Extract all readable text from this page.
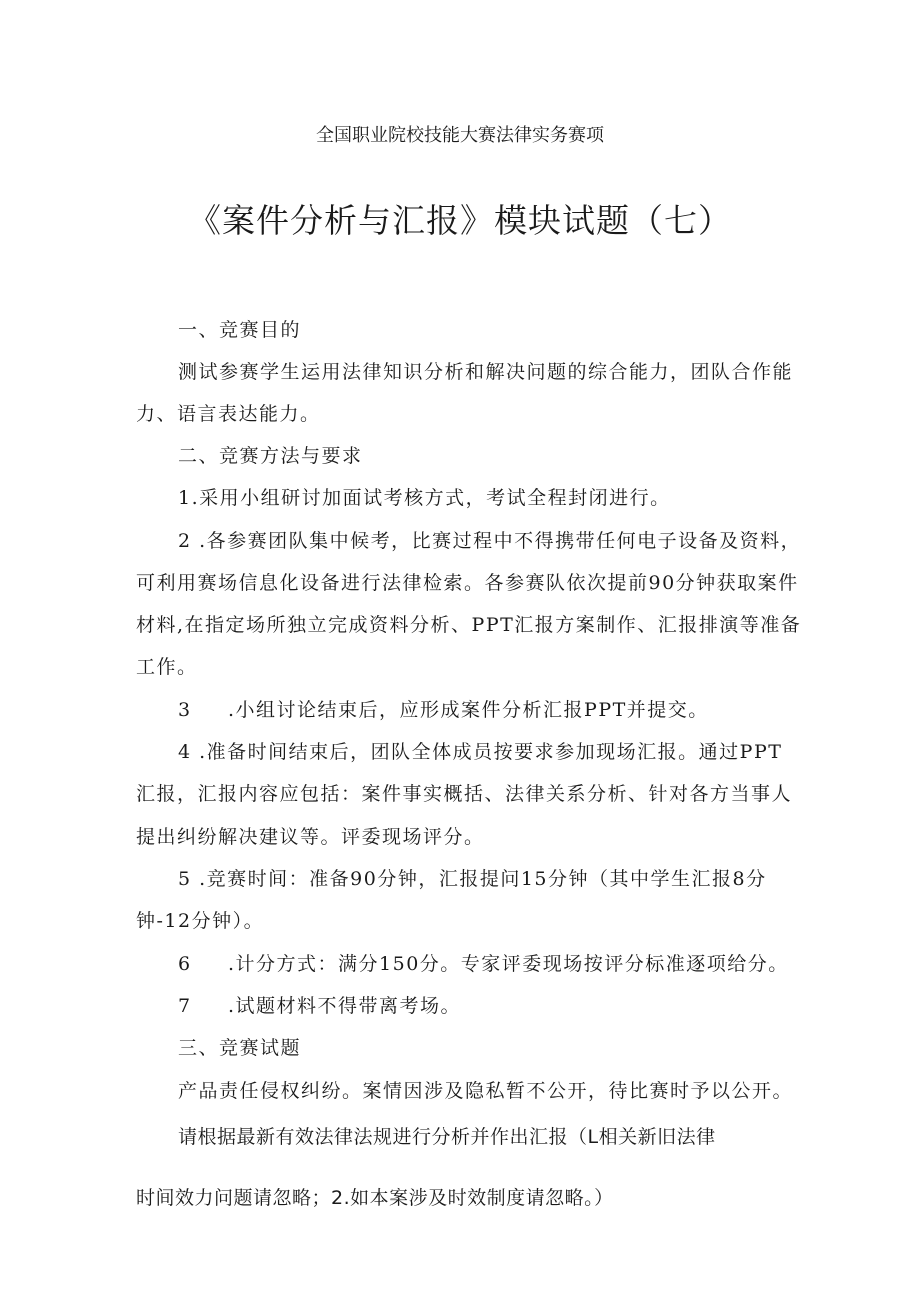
全国职业院校技能大赛法律实务赛项
《案件分析与汇报》模块试题（七）
一、竞赛目的
测试参赛学生运用法律知识分析和解决问题的综合能力，团队合作能
力、语言表达能力。
二、竞赛方法与要求
1.采用小组研讨加面试考核方式，考试全程封闭进行。
2 .各参赛团队集中候考，比赛过程中不得携带任何电子设备及资料，
可利用赛场信息化设备进行法律检索。各参赛队依次提前90分钟获取案件
材料,在指定场所独立完成资料分析、PPT汇报方案制作、汇报排演等准备
工作。
3 .小组讨论结束后，应形成案件分析汇报PPT并提交。
4 .准备时间结束后，团队全体成员按要求参加现场汇报。通过PPT
汇报，汇报内容应包括：案件事实概括、法律关系分析、针对各方当事人
提出纠纷解决建议等。评委现场评分。
5 .竞赛时间：准备90分钟，汇报提问15分钟（其中学生汇报8分
钟-12分钟）。
6 .计分方式：满分150分。专家评委现场按评分标准逐项给分。
7 .试题材料不得带离考场。
三、竞赛试题
产品责任侵权纠纷。案情因涉及隐私暂不公开，待比赛时予以公开。
请根据最新有效法律法规进行分析并作出汇报（L相关新旧法律
时间效力问题请忽略；2.如本案涉及时效制度请忽略。）
